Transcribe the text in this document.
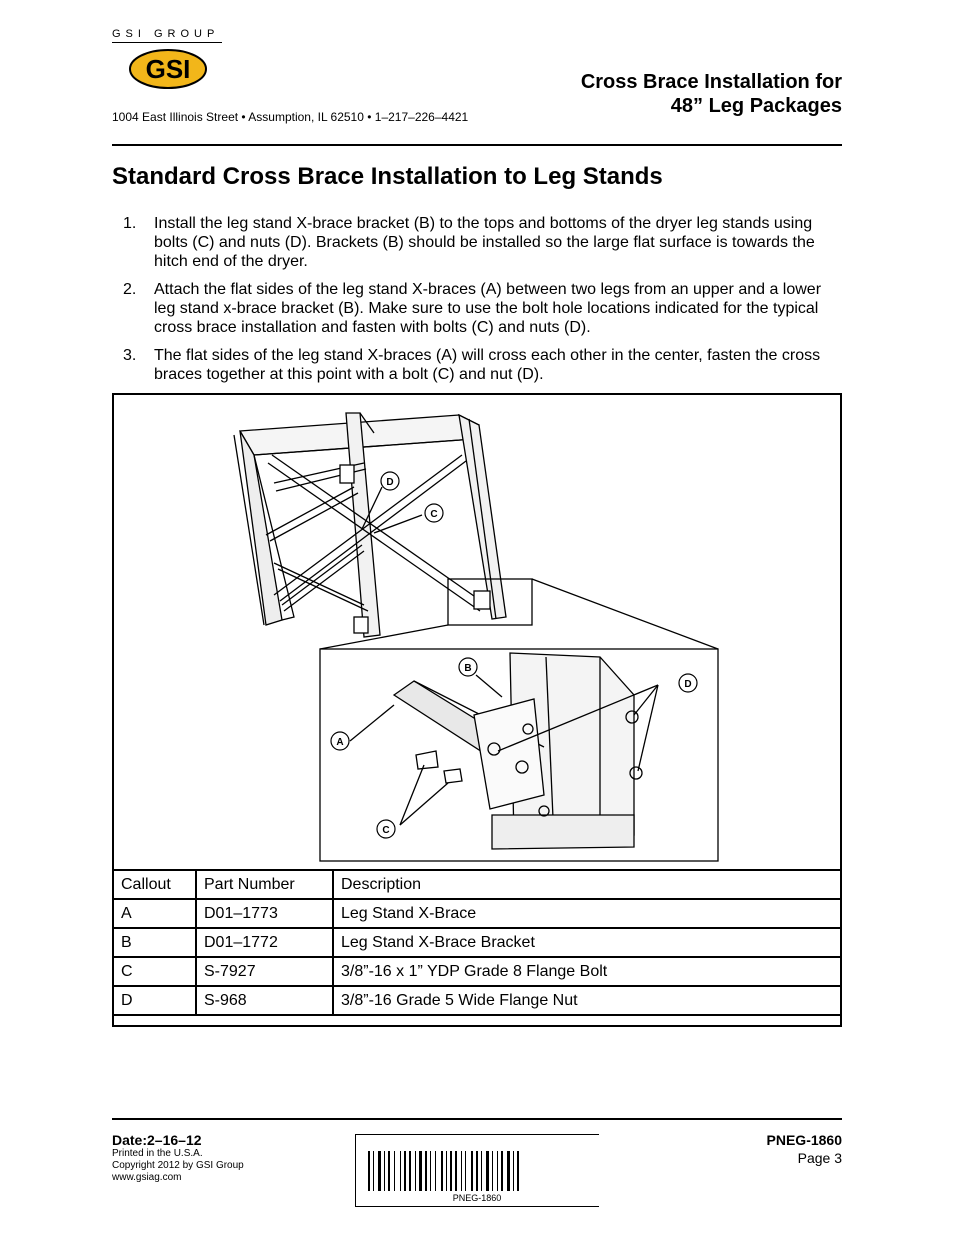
GSI GROUP
GSI
1004 East Illinois Street • Assumption, IL 62510 • 1–217–226–4421
Cross Brace Installation for
48” Leg Packages
Standard Cross Brace Installation to Leg Stands
1. Install the leg stand X-brace bracket (B) to the tops and bottoms of the dryer leg stands using bolts (C) and nuts (D). Brackets (B) should be installed so the large flat surface is towards the hitch end of the dryer.
2. Attach the flat sides of the leg stand X-braces (A) between two legs from an upper and a lower leg stand x-brace bracket (B). Make sure to use the bolt hole locations indicated for the typical cross brace installation and fasten with bolts (C) and nuts (D).
3. The flat sides of the leg stand X-braces (A) will cross each other in the center, fasten the cross braces together at this point with a bolt (C) and nut (D).
D
C
B
D
A
C
Callout	Part Number	Description
A	D01–1773	Leg Stand X-Brace
B	D01–1772	Leg Stand X-Brace Bracket
C	S-7927	3/8”-16 x 1” YDP Grade 8 Flange Bolt
D	S-968	3/8”-16 Grade 5 Wide Flange Nut
Date:2–16–12
Printed in the U.S.A.
Copyright 2012 by GSI Group
www.gsiag.com
PNEG-1860
Page 3
PNEG-1860
